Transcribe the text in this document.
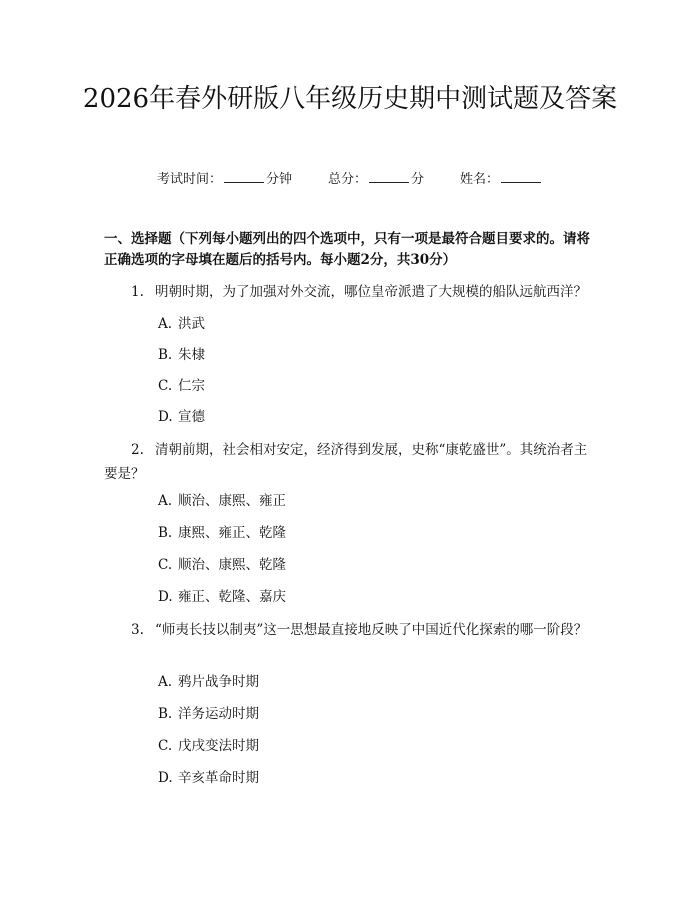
2026年春外研版八年级历史期中测试题及答案
考试时间：	分钟	总分：	分	姓名：

一、选择题（下列每小题列出的四个选项中，只有一项是最符合题目要求的。请将正确选项的字母填在题后的括号内。每小题2分，共30分）

1. 明朝时期，为了加强对外交流，哪位皇帝派遣了大规模的船队远航西洋？

A. 洪武
B. 朱棣
C. 仁宗
D. 宣德

2. 清朝前期，社会相对安定，经济得到发展，史称“康乾盛世”。其统治者主要是？

A. 顺治、康熙、雍正
B. 康熙、雍正、乾隆
C. 顺治、康熙、乾隆
D. 雍正、乾隆、嘉庆

3. “师夷长技以制夷”这一思想最直接地反映了中国近代化探索的哪一阶段？

A. 鸦片战争时期
B. 洋务运动时期
C. 戊戌变法时期
D. 辛亥革命时期
